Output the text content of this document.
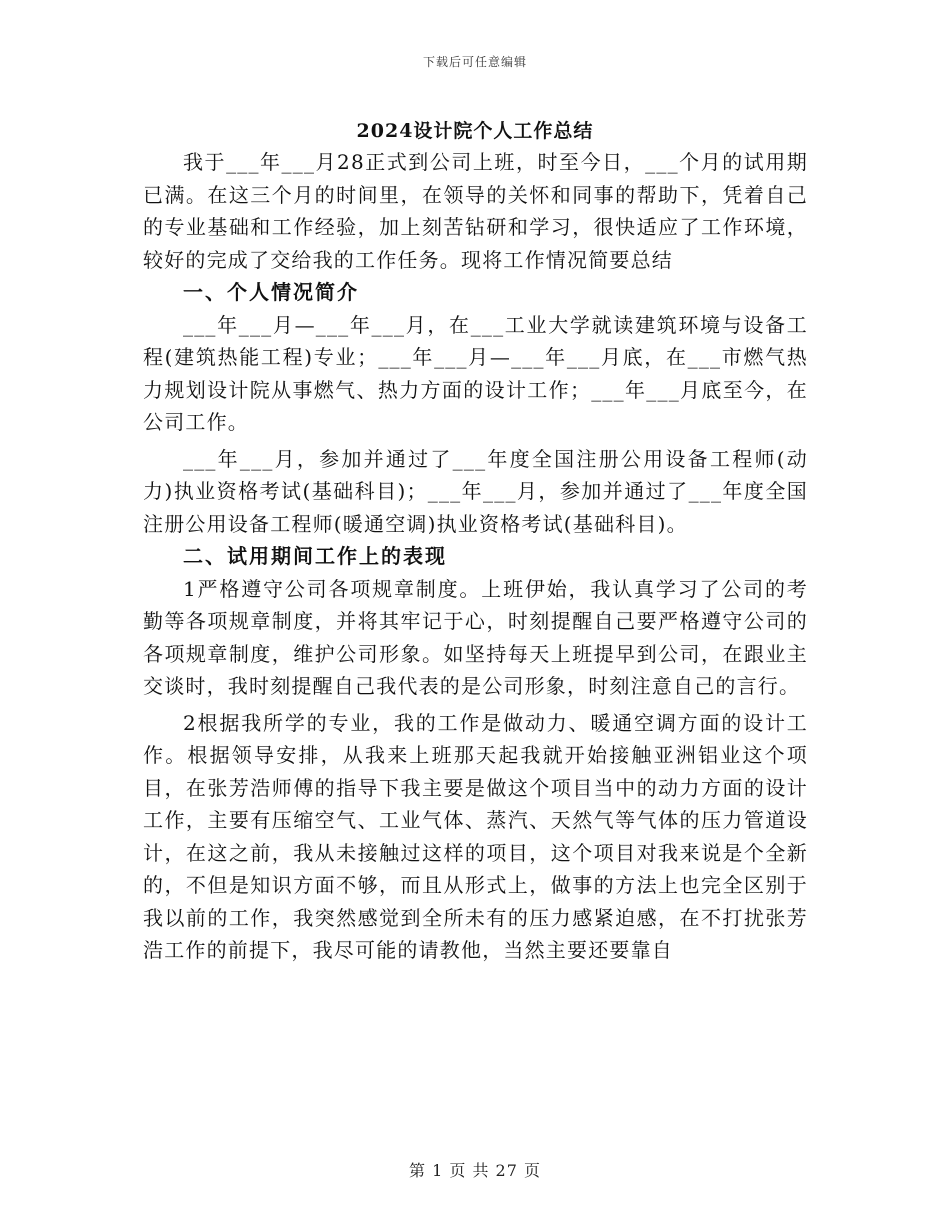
下载后可任意编辑
2024设计院个人工作总结

我于___年___月28正式到公司上班，时至今日，___个月的试用期已满。在这三个月的时间里，在领导的关怀和同事的帮助下，凭着自己的专业基础和工作经验，加上刻苦钻研和学习，很快适应了工作环境，较好的完成了交给我的工作任务。现将工作情况简要总结

一、个人情况简介

___年___月—___年___月，在___工业大学就读建筑环境与设备工程(建筑热能工程)专业；___年___月—___年___月底，在___市燃气热力规划设计院从事燃气、热力方面的设计工作；___年___月底至今，在公司工作。

___年___月，参加并通过了___年度全国注册公用设备工程师(动力)执业资格考试(基础科目)；___年___月，参加并通过了___年度全国注册公用设备工程师(暖通空调)执业资格考试(基础科目)。

二、试用期间工作上的表现

1严格遵守公司各项规章制度。上班伊始，我认真学习了公司的考勤等各项规章制度，并将其牢记于心，时刻提醒自己要严格遵守公司的各项规章制度，维护公司形象。如坚持每天上班提早到公司，在跟业主交谈时，我时刻提醒自己我代表的是公司形象，时刻注意自己的言行。

2根据我所学的专业，我的工作是做动力、暖通空调方面的设计工作。根据领导安排，从我来上班那天起我就开始接触亚洲铝业这个项目，在张芳浩师傅的指导下我主要是做这个项目当中的动力方面的设计工作，主要有压缩空气、工业气体、蒸汽、天然气等气体的压力管道设计，在这之前，我从未接触过这样的项目，这个项目对我来说是个全新的，不但是知识方面不够，而且从形式上，做事的方法上也完全区别于我以前的工作，我突然感觉到全所未有的压力感紧迫感，在不打扰张芳浩工作的前提下，我尽可能的请教他，当然主要还要靠自

第 1 页 共 27 页
